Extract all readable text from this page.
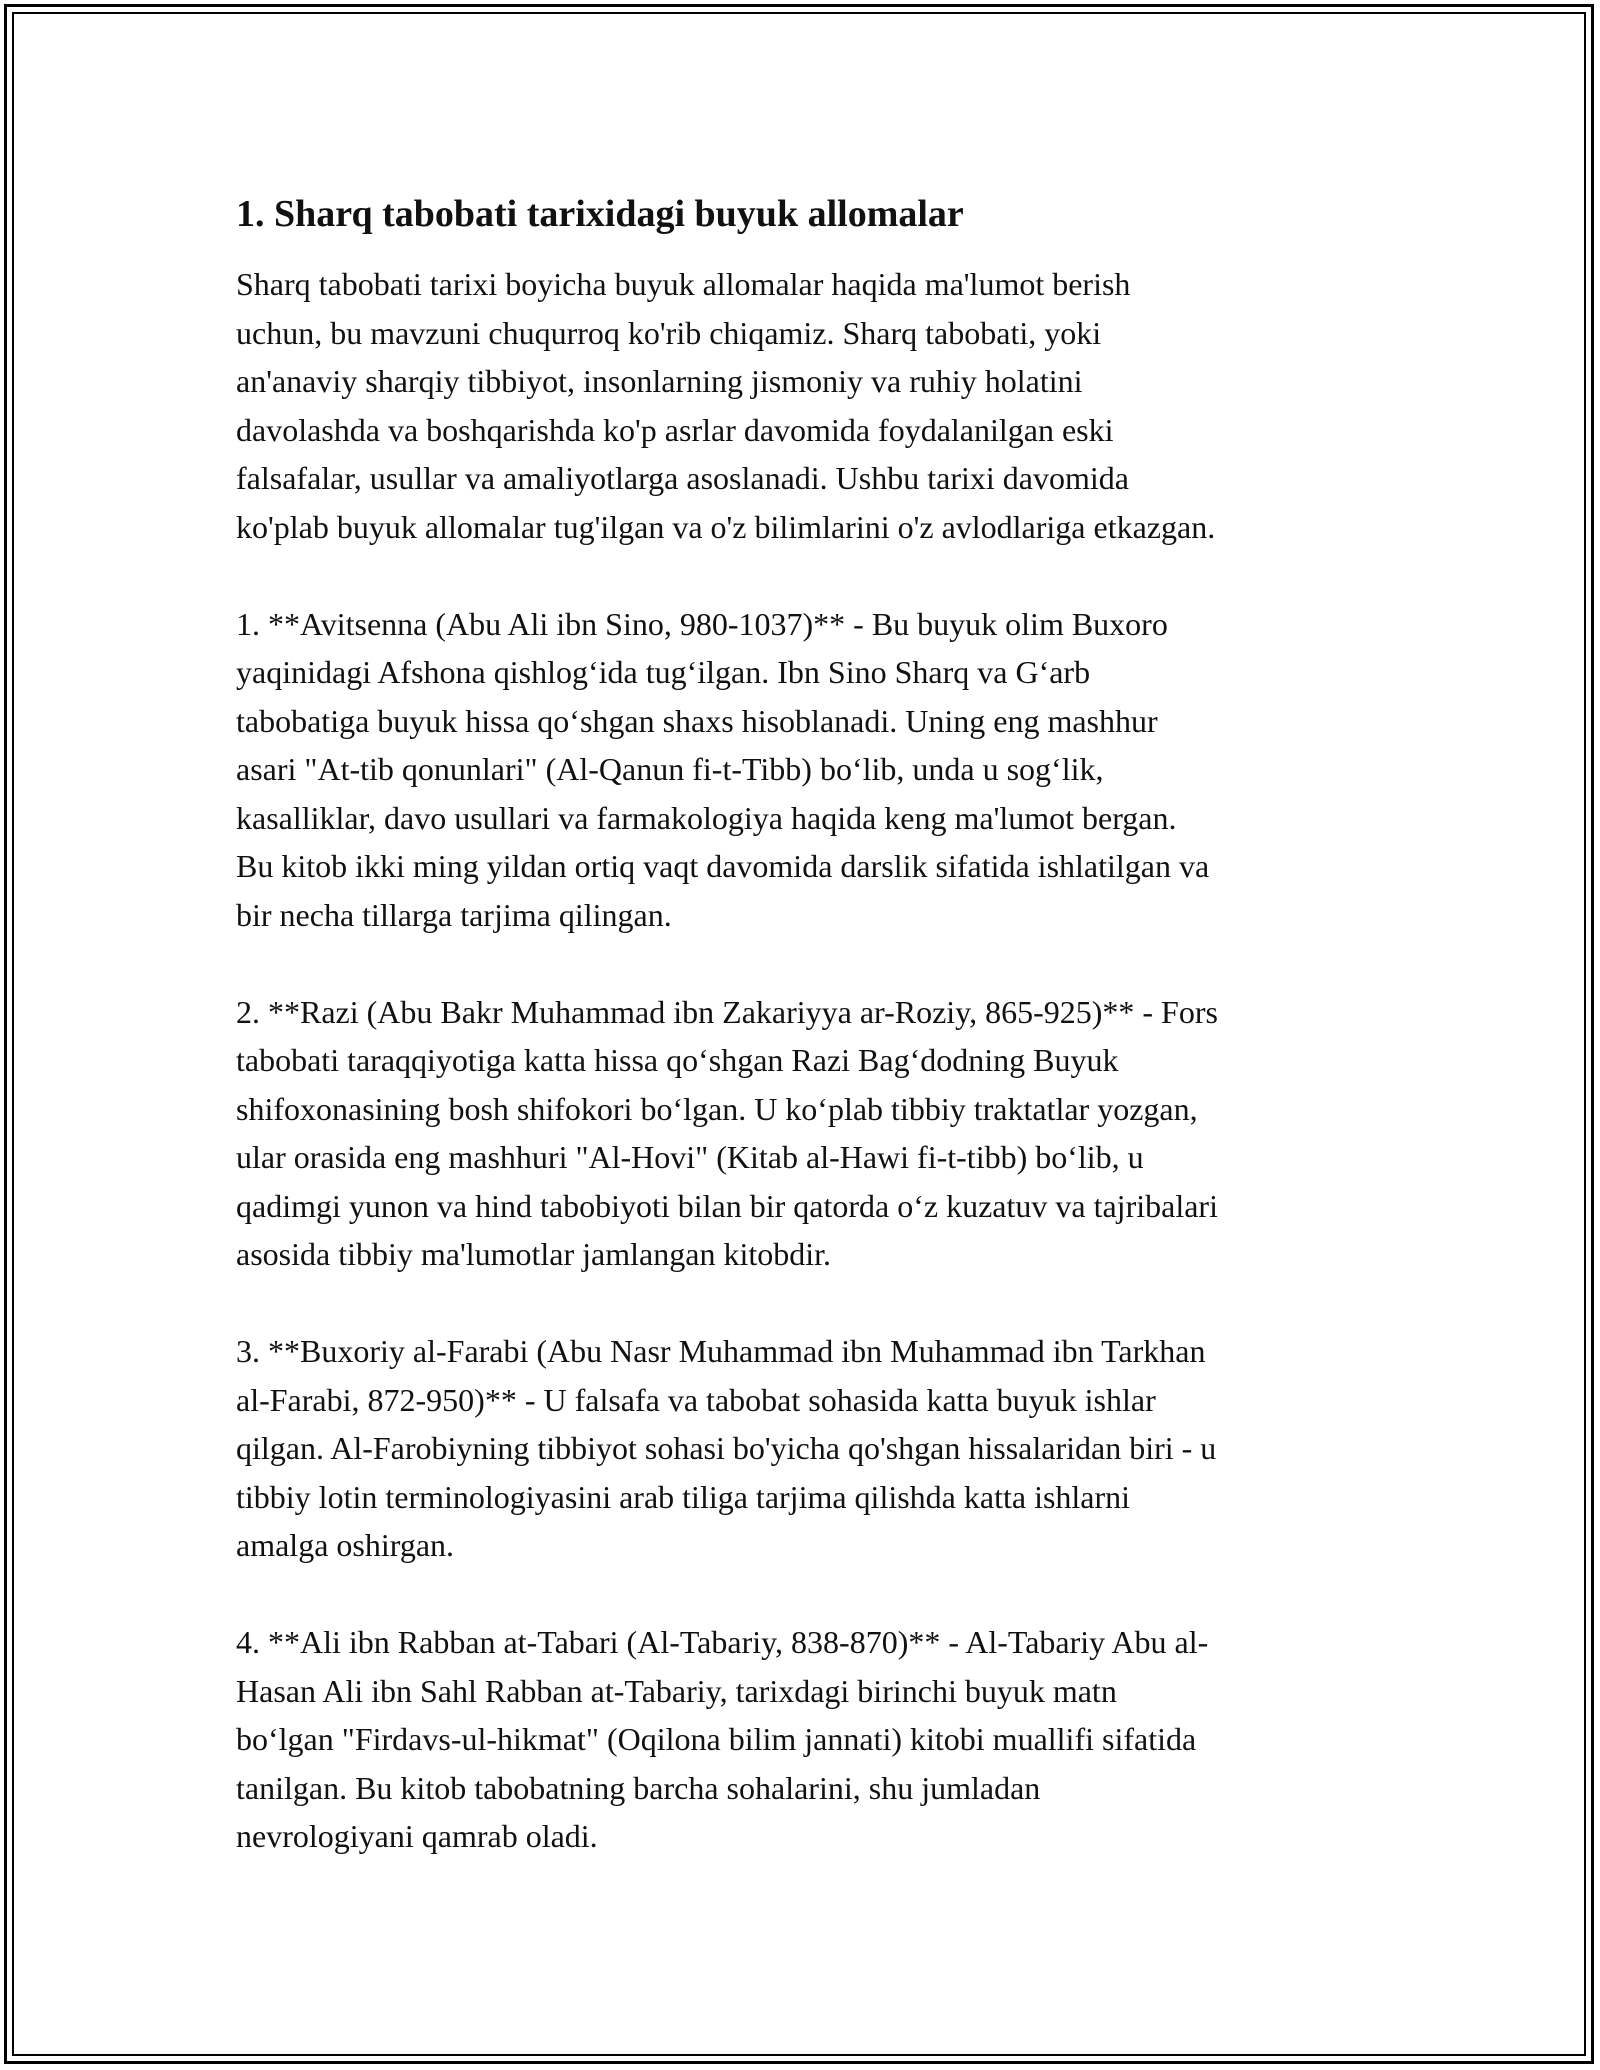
1. Sharq tabobati tarixidagi buyuk allomalar

Sharq tabobati tarixi boyicha buyuk allomalar haqida ma'lumot berish
uchun, bu mavzuni chuqurroq ko'rib chiqamiz. Sharq tabobati, yoki
an'anaviy sharqiy tibbiyot, insonlarning jismoniy va ruhiy holatini
davolashda va boshqarishda ko'p asrlar davomida foydalanilgan eski
falsafalar, usullar va amaliyotlarga asoslanadi. Ushbu tarixi davomida
ko'plab buyuk allomalar tug'ilgan va o'z bilimlarini o'z avlodlariga etkazgan.

1. **Avitsenna (Abu Ali ibn Sino, 980-1037)** - Bu buyuk olim Buxoro
yaqinidagi Afshona qishlog‘ida tug‘ilgan. Ibn Sino Sharq va G‘arb
tabobatiga buyuk hissa qo‘shgan shaxs hisoblanadi. Uning eng mashhur
asari "At-tib qonunlari" (Al-Qanun fi-t-Tibb) bo‘lib, unda u sog‘lik,
kasalliklar, davo usullari va farmakologiya haqida keng ma'lumot bergan.
Bu kitob ikki ming yildan ortiq vaqt davomida darslik sifatida ishlatilgan va
bir necha tillarga tarjima qilingan.

2. **Razi (Abu Bakr Muhammad ibn Zakariyya ar-Roziy, 865-925)** - Fors
tabobati taraqqiyotiga katta hissa qo‘shgan Razi Bag‘dodning Buyuk
shifoxonasining bosh shifokori bo‘lgan. U ko‘plab tibbiy traktatlar yozgan,
ular orasida eng mashhuri "Al-Hovi" (Kitab al-Hawi fi-t-tibb) bo‘lib, u
qadimgi yunon va hind tabobiyoti bilan bir qatorda o‘z kuzatuv va tajribalari
asosida tibbiy ma'lumotlar jamlangan kitobdir.

3. **Buxoriy al-Farabi (Abu Nasr Muhammad ibn Muhammad ibn Tarkhan
al-Farabi, 872-950)** - U falsafa va tabobat sohasida katta buyuk ishlar
qilgan. Al-Farobiyning tibbiyot sohasi bo'yicha qo'shgan hissalaridan biri - u
tibbiy lotin terminologiyasini arab tiliga tarjima qilishda katta ishlarni
amalga oshirgan.

4. **Ali ibn Rabban at-Tabari (Al-Tabariy, 838-870)** - Al-Tabariy Abu al-
Hasan Ali ibn Sahl Rabban at-Tabariy, tarixdagi birinchi buyuk matn
bo‘lgan "Firdavs-ul-hikmat" (Oqilona bilim jannati) kitobi muallifi sifatida
tanilgan. Bu kitob tabobatning barcha sohalarini, shu jumladan
nevrologiyani qamrab oladi.
